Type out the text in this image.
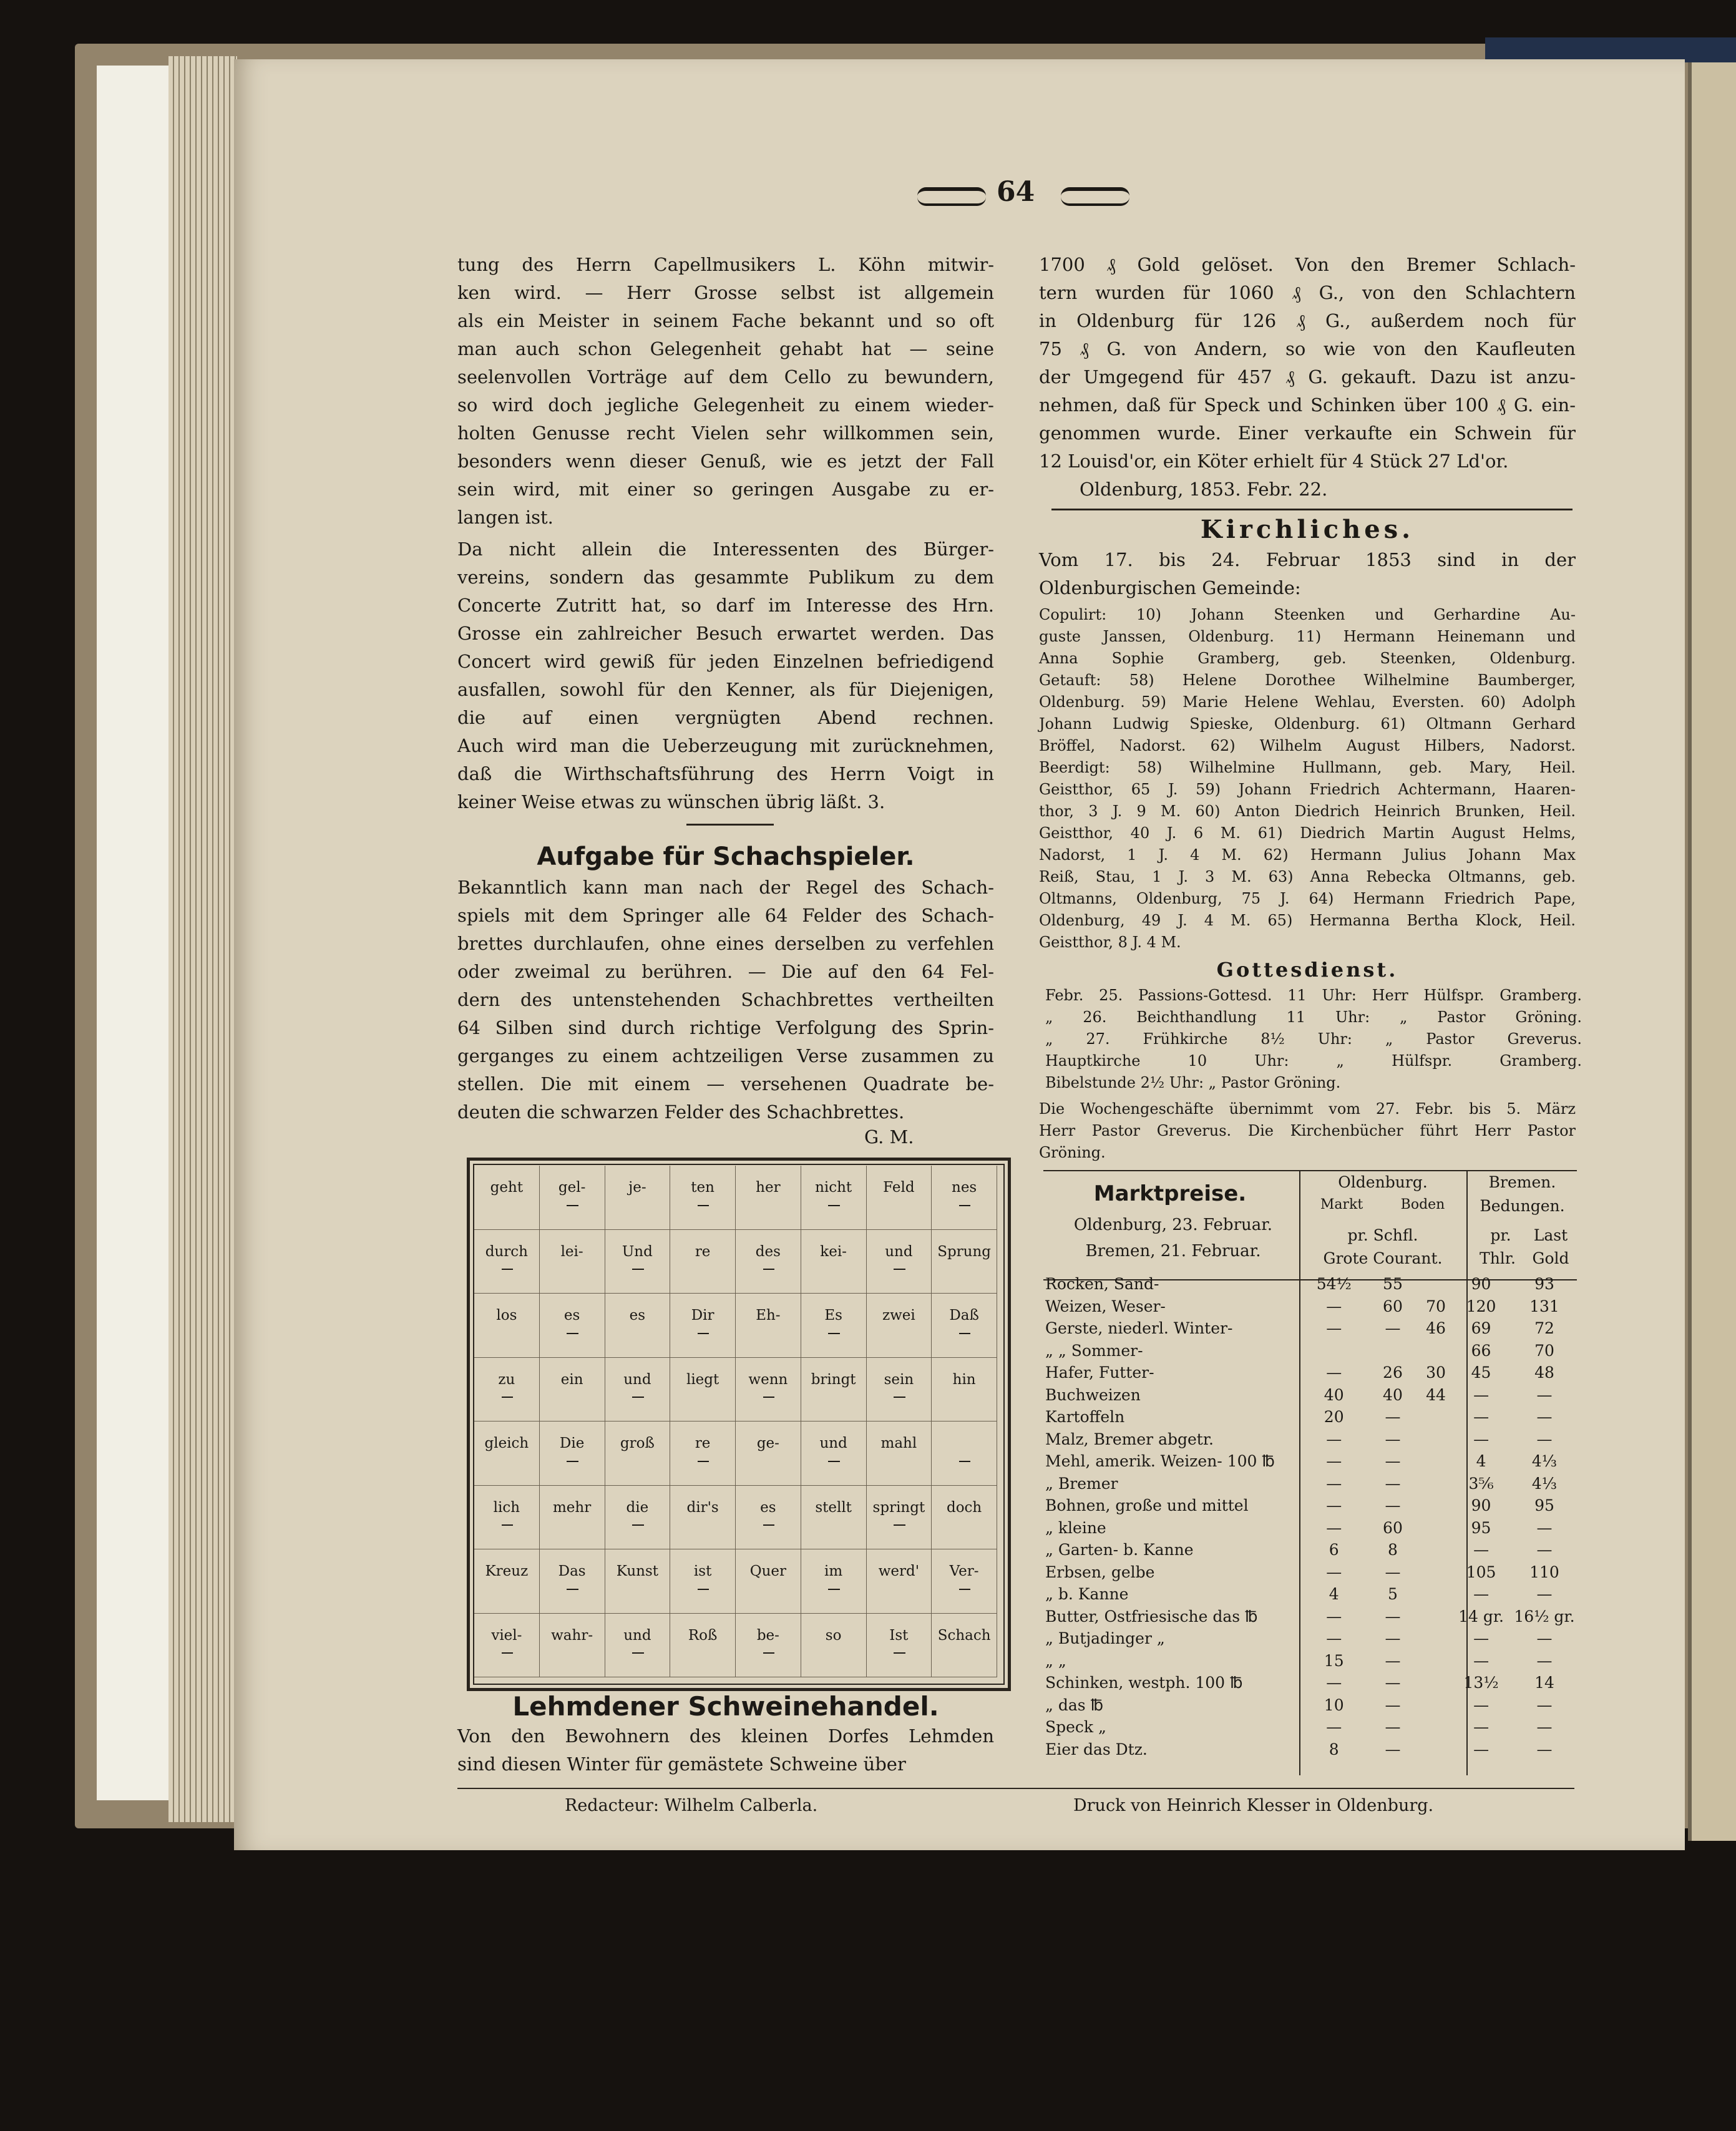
64

tung des Herrn Capellmusikers L. Köhn mitwir-

ken wird. — Herr Grosse selbst ist allgemein

als ein Meister in seinem Fache bekannt und so oft

man auch schon Gelegenheit gehabt hat — seine

seelenvollen Vorträge auf dem Cello zu bewundern,

so wird doch jegliche Gelegenheit zu einem wieder-

holten Genusse recht Vielen sehr willkommen sein,

besonders wenn dieser Genuß, wie es jetzt der Fall

sein wird, mit einer so geringen Ausgabe zu er-

langen ist.

Da nicht allein die Interessenten des Bürger-

vereins, sondern das gesammte Publikum zu dem

Concerte Zutritt hat, so darf im Interesse des Hrn.

Grosse ein zahlreicher Besuch erwartet werden. Das

Concert wird gewiß für jeden Einzelnen befriedigend

ausfallen, sowohl für den Kenner, als für Diejenigen,

die auf einen vergnügten Abend rechnen.

Auch wird man die Ueberzeugung mit zurücknehmen,

daß die Wirthschaftsführung des Herrn Voigt in

keiner Weise etwas zu wünschen übrig läßt. 3.

Aufgabe für Schachspieler.

Bekanntlich kann man nach der Regel des Schach-

spiels mit dem Springer alle 64 Felder des Schach-

brettes durchlaufen, ohne eines derselben zu verfehlen

oder zweimal zu berühren. — Die auf den 64 Fel-

dern des untenstehenden Schachbrettes vertheilten

64 Silben sind durch richtige Verfolgung des Sprin-

gerganges zu einem achtzeiligen Verse zusammen zu

stellen. Die mit einem — versehenen Quadrate be-

deuten die schwarzen Felder des Schachbrettes.

G. M.
geht	gel-	je-	ten	her	nicht	Feld	nes
durch	lei-	Und	re	des	kei-	und	Sprung
los	es	es	Dir	Eh-	Es	zwei	Daß
zu	ein	und	liegt	wenn	bringt	sein	hin
gleich	Die	groß	re	ge-	und	mahl
lich	mehr	die	dir's	es	stellt	springt	doch
Kreuz	Das	Kunst	ist	Quer	im	werd'	Ver-
viel-	wahr-	und	Roß	be-	so	Ist	Schach
Lehmdener Schweinehandel.

Von den Bewohnern des kleinen Dorfes Lehmden

sind diesen Winter für gemästete Schweine über

Redacteur: Wilhelm Calberla.

1700 ₰ Gold gelöset. Von den Bremer Schlach-

tern wurden für 1060 ₰ G., von den Schlachtern

in Oldenburg für 126 ₰ G., außerdem noch für

75 ₰ G. von Andern, so wie von den Kaufleuten

der Umgegend für 457 ₰ G. gekauft. Dazu ist anzu-

nehmen, daß für Speck und Schinken über 100 ₰ G. ein-

genommen wurde. Einer verkaufte ein Schwein für

12 Louisd'or, ein Köter erhielt für 4 Stück 27 Ld'or.

Oldenburg, 1853. Febr. 22.
Kirchliches.

Vom 17. bis 24. Februar 1853 sind in der

Oldenburgischen Gemeinde:

Copulirt: 10) Johann Steenken und Gerhardine Au-

guste Janssen, Oldenburg. 11) Hermann Heinemann und

Anna Sophie Gramberg, geb. Steenken, Oldenburg.

Getauft: 58) Helene Dorothee Wilhelmine Baumberger,

Oldenburg. 59) Marie Helene Wehlau, Eversten. 60) Adolph

Johann Ludwig Spieske, Oldenburg. 61) Oltmann Gerhard

Bröffel, Nadorst. 62) Wilhelm August Hilbers, Nadorst.

Beerdigt: 58) Wilhelmine Hullmann, geb. Mary, Heil.

Geistthor, 65 J. 59) Johann Friedrich Achtermann, Haaren-

thor, 3 J. 9 M. 60) Anton Diedrich Heinrich Brunken, Heil.

Geistthor, 40 J. 6 M. 61) Diedrich Martin August Helms,

Nadorst, 1 J. 4 M. 62) Hermann Julius Johann Max

Reiß, Stau, 1 J. 3 M. 63) Anna Rebecka Oltmanns, geb.

Oltmanns, Oldenburg, 75 J. 64) Hermann Friedrich Pape,

Oldenburg, 49 J. 4 M. 65) Hermanna Bertha Klock, Heil.

Geistthor, 8 J. 4 M.

Gottesdienst.

Febr. 25. Passions-Gottesd. 11 Uhr: Herr Hülfspr. Gramberg.

„ 26. Beichthandlung 11 Uhr: „ Pastor Gröning.

„ 27. Frühkirche 8½ Uhr: „ Pastor Greverus.

Hauptkirche 10 Uhr: „ Hülfspr. Gramberg.

Bibelstunde 2½ Uhr: „ Pastor Gröning.

Die Wochengeschäfte übernimmt vom 27. Febr. bis 5. März

Herr Pastor Greverus. Die Kirchenbücher führt Herr Pastor

Gröning.

Marktpreise.
Oldenburg, 23. Februar.
Bremen, 21. Februar.
Oldenburg.
Markt	Boden
pr. Schfl.
Grote Courant.
Bremen.
Bedungen.
pr.	Last
Thlr.	Gold
Rocken, Sand-	54½	55		90	93
Weizen, Weser-	—	60	70	120	131
Gerste, niederl. Winter-	—	—	46	69	72
„ „ Sommer-				66	70
Hafer, Futter-	—	26	30	45	48
Buchweizen	40	40	44	—	—
Kartoffeln	20	—		—	—
Malz, Bremer abgetr.	—	—		—	—
Mehl, amerik. Weizen- 100 ℔	—	—		4	4⅓
„ Bremer	—	—		3⁵⁄₆	4⅓
Bohnen, große und mittel	—	—		90	95
„ kleine	—	60		95	—
„ Garten- b. Kanne	6	8		—	—
Erbsen, gelbe	—	—		105	110
„ b. Kanne	4	5		—	—
Butter, Ostfriesische das ℔	—	—		14 gr.	16½ gr.
„ Butjadinger „	—	—		—	—
„ „	15	—		—	—
Schinken, westph. 100 ℔	—	—		13½	14
„ das ℔	10	—		—	—
Speck „	—	—		—	—
Eier das Dtz.	8	—		—	—
Druck von Heinrich Klesser in Oldenburg.
